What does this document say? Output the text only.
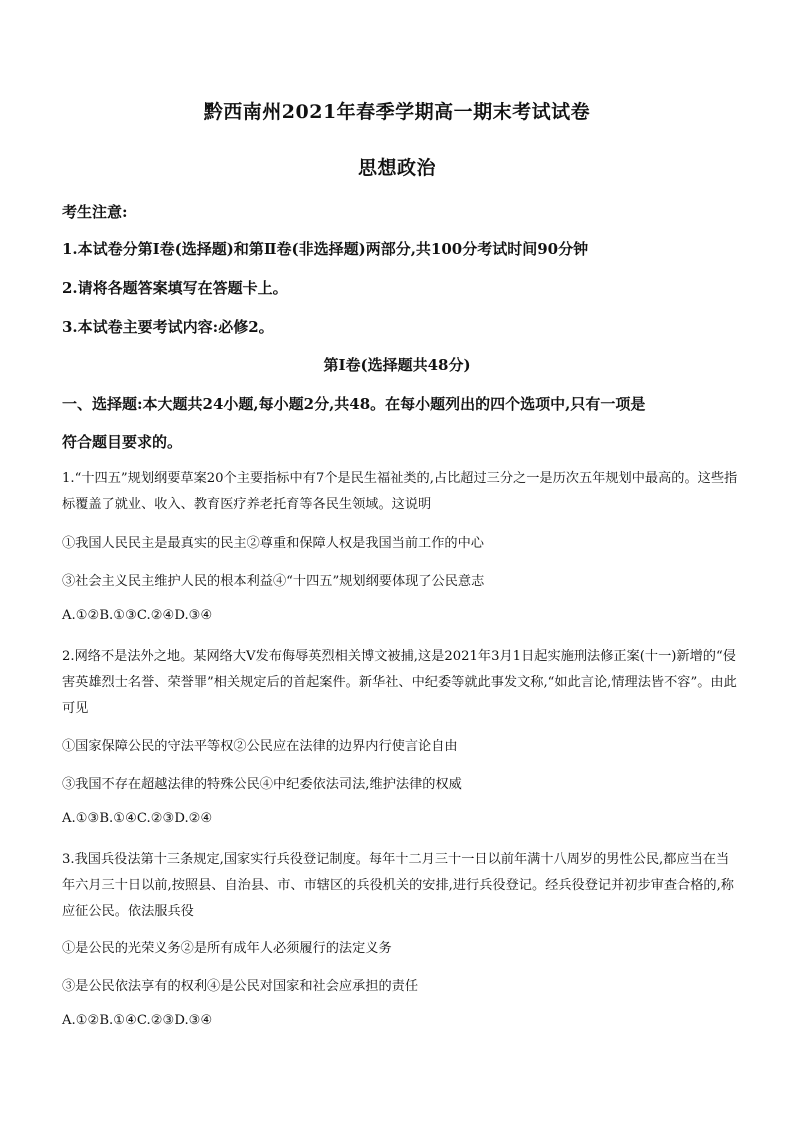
黔西南州2021年春季学期高一期末考试试卷
思想政治
考生注意:
1.本试卷分第Ⅰ卷(选择题)和第Ⅱ卷(非选择题)两部分,共100分考试时间90分钟
2.请将各题答案填写在答题卡上。
3.本试卷主要考试内容:必修2。
第Ⅰ卷(选择题共48分)
一、选择题:本大题共24小题,每小题2分,共48。在每小题列出的四个选项中,只有一项是
符合题目要求的。
1.“十四五”规划纲要草案20个主要指标中有7个是民生福祉类的,占比超过三分之一是历次五年规划中最高的。这些指标覆盖了就业、收入、教育医疗养老托育等各民生领域。这说明
①我国人民民主是最真实的民主②尊重和保障人权是我国当前工作的中心
③社会主义民主维护人民的根本利益④“十四五”规划纲要体现了公民意志
A.①②B.①③C.②④D.③④
2.网络不是法外之地。某网络大V发布侮辱英烈相关博文被捕,这是2021年3月1日起实施刑法修正案(十一)新增的“侵害英雄烈士名誉、荣誉罪”相关规定后的首起案件。新华社、中纪委等就此事发文称,“如此言论,情理法皆不容”。由此可见
①国家保障公民的守法平等权②公民应在法律的边界内行使言论自由
③我国不存在超越法律的特殊公民④中纪委依法司法,维护法律的权威
A.①③B.①④C.②③D.②④
3.我国兵役法第十三条规定,国家实行兵役登记制度。每年十二月三十一日以前年满十八周岁的男性公民,都应当在当年六月三十日以前,按照县、自治县、市、市辖区的兵役机关的安排,进行兵役登记。经兵役登记并初步审查合格的,称应征公民。依法服兵役
①是公民的光荣义务②是所有成年人必须履行的法定义务
③是公民依法享有的权利④是公民对国家和社会应承担的责任
A.①②B.①④C.②③D.③④
